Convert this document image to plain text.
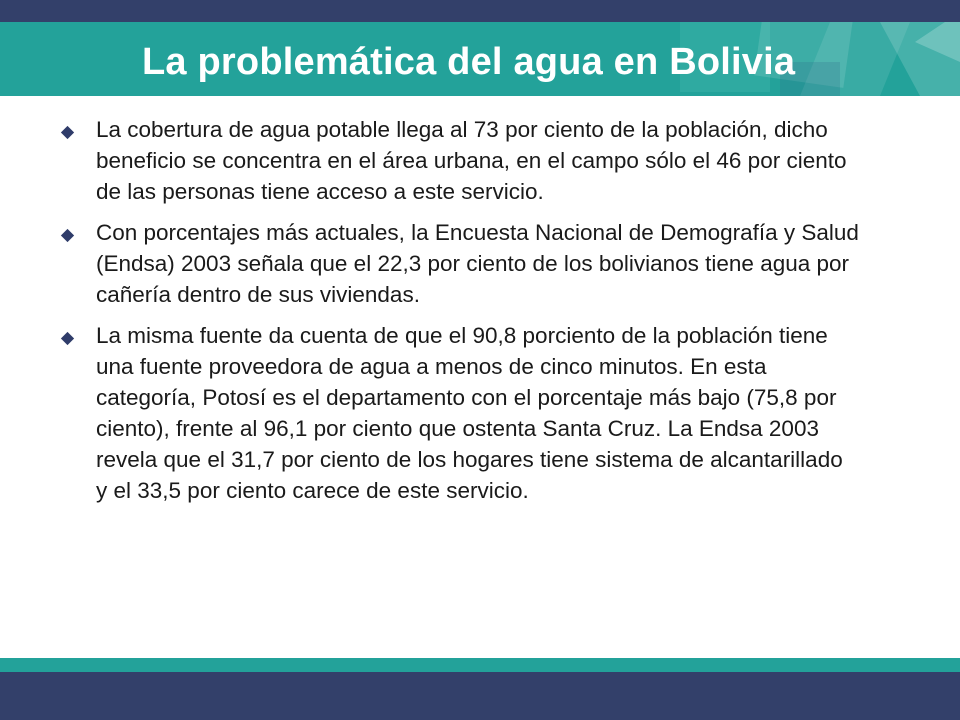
La problemática del agua en Bolivia
La cobertura de agua potable llega al 73 por ciento de la población, dicho beneficio se concentra en el área urbana, en el campo sólo el 46 por ciento de las personas tiene acceso a este servicio.
Con porcentajes más actuales, la Encuesta Nacional de Demografía y Salud (Endsa) 2003 señala que el 22,3 por ciento de los bolivianos tiene agua por cañería dentro de sus viviendas.
La misma fuente da cuenta de que el 90,8 porciento de la población tiene una fuente proveedora de agua a menos de cinco minutos. En esta categoría, Potosí es el departamento con el porcentaje más bajo (75,8 por ciento), frente al 96,1 por ciento que ostenta Santa Cruz. La Endsa 2003 revela que el 31,7 por ciento de los hogares tiene sistema de alcantarillado y el 33,5 por ciento carece de este servicio.
